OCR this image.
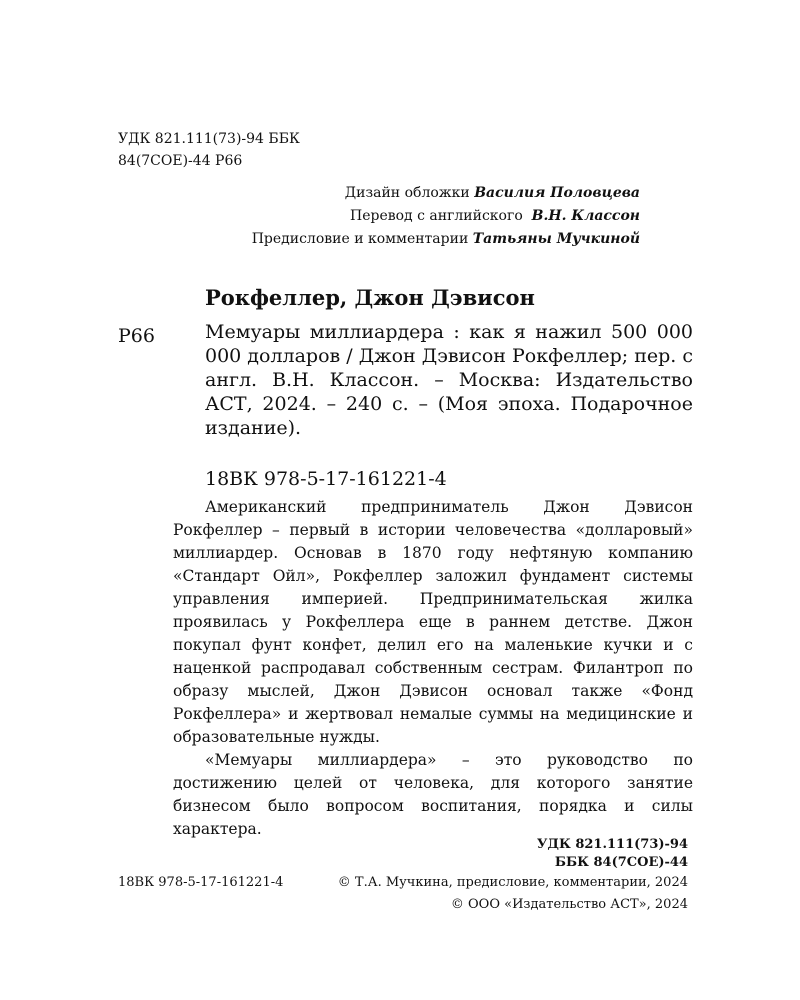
УДК 821.111(73)-94 ББК 84(7СОЕ)-44 Р66

Дизайн обложки Василия Половцева

Перевод с английского В.Н. Классон

Предисловие и комментарии Татьяны Мучкиной

Рокфеллер, Джон Дэвисон
Р66	Мемуары миллиардера : как я нажил 500 000 000 долларов / Джон Дэвисон Рокфеллер; пер. с англ. В.Н. Классон. – Москва: Издательство АСТ, 2024. – 240 с. – (Моя эпоха. Подарочное издание).
18ВК 978-5-17-161221-4

Американский предприниматель Джон Дэвисон Рокфеллер – первый в истории человечества «долларовый» миллиардер. Основав в 1870 году нефтяную компанию «Стандарт Ойл», Рокфеллер заложил фундамент системы управления империей. Предпринимательская жилка проявилась у Рокфеллера еще в раннем детстве. Джон покупал фунт конфет, делил его на маленькие кучки и с наценкой распродавал собственным сестрам. Филантроп по образу мыслей, Джон Дэвисон основал также «Фонд Рокфеллера» и жертвовал немалые суммы на медицинские и образовательные нужды.

«Мемуары миллиардера» – это руководство по достижению целей от человека, для которого занятие бизнесом было вопросом воспитания, порядка и силы характера.

УДК 821.111(73)-94
ББК 84(7СОЕ)-44
18ВК 978-5-17-161221-4	© Т.А. Мучкина, предисловие, комментарии, 2024
© ООО «Издательство АСТ», 2024
